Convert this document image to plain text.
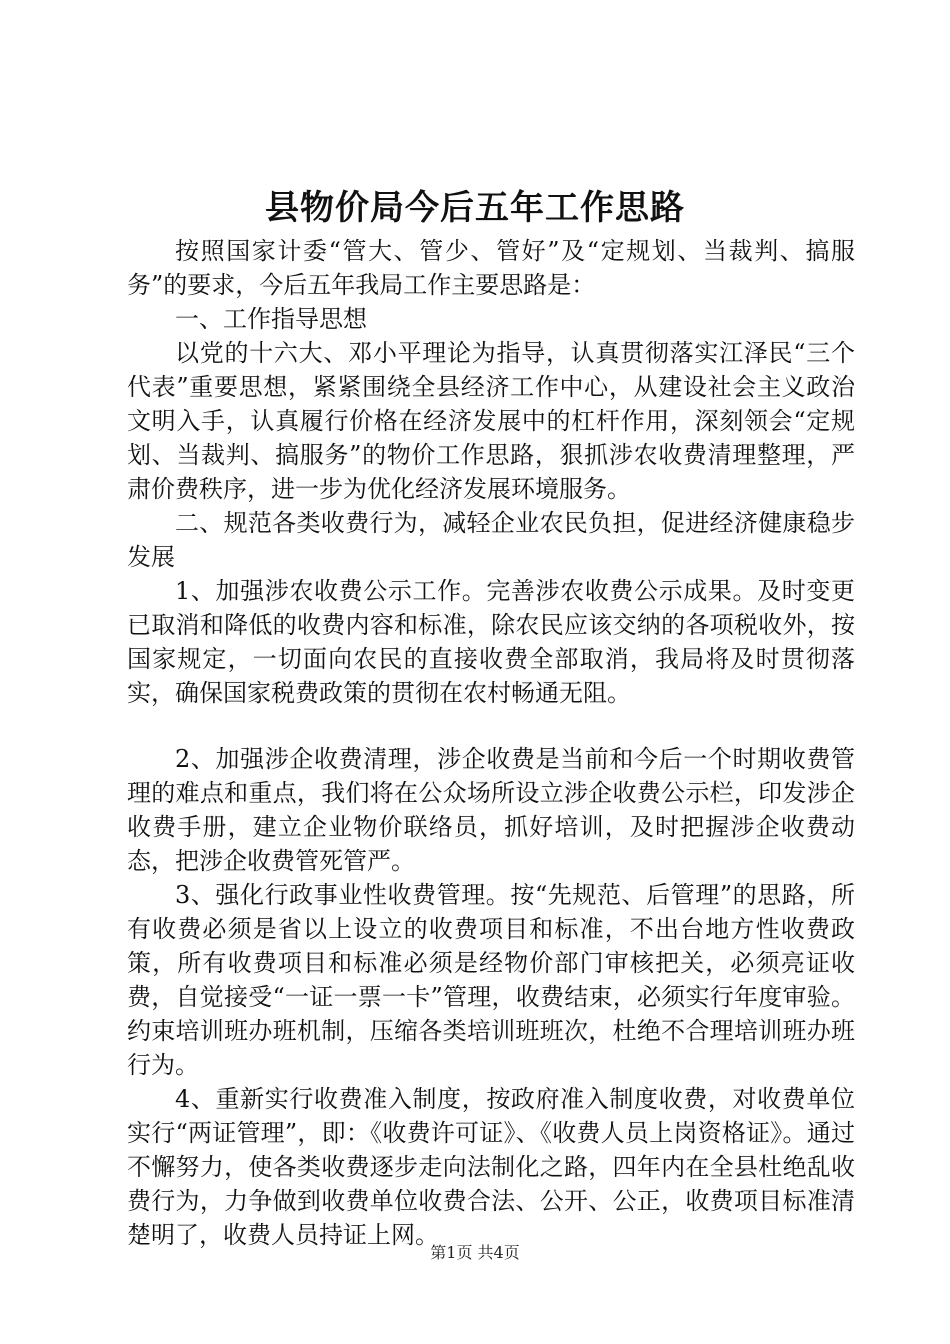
县物价局今后五年工作思路

按照国家计委“管大、管少、管好”及“定规划、当裁判、搞服务”的要求，今后五年我局工作主要思路是：

一、工作指导思想

以党的十六大、邓小平理论为指导，认真贯彻落实江泽民“三个代表”重要思想，紧紧围绕全县经济工作中心，从建设社会主义政治文明入手，认真履行价格在经济发展中的杠杆作用，深刻领会“定规划、当裁判、搞服务”的物价工作思路，狠抓涉农收费清理整理，严肃价费秩序，进一步为优化经济发展环境服务。

二、规范各类收费行为，减轻企业农民负担，促进经济健康稳步发展

1、加强涉农收费公示工作。完善涉农收费公示成果。及时变更已取消和降低的收费内容和标准，除农民应该交纳的各项税收外，按国家规定，一切面向农民的直接收费全部取消，我局将及时贯彻落实，确保国家税费政策的贯彻在农村畅通无阻。

2、加强涉企收费清理，涉企收费是当前和今后一个时期收费管理的难点和重点，我们将在公众场所设立涉企收费公示栏，印发涉企收费手册，建立企业物价联络员，抓好培训，及时把握涉企收费动态，把涉企收费管死管严。

3、强化行政事业性收费管理。按“先规范、后管理”的思路，所有收费必须是省以上设立的收费项目和标准，不出台地方性收费政策，所有收费项目和标准必须是经物价部门审核把关，必须亮证收费，自觉接受“一证一票一卡”管理，收费结束，必须实行年度审验。约束培训班办班机制，压缩各类培训班班次，杜绝不合理培训班办班行为。

4、重新实行收费准入制度，按政府准入制度收费，对收费单位实行“两证管理”，即：《收费许可证》、《收费人员上岗资格证》。通过不懈努力，使各类收费逐步走向法制化之路，四年内在全县杜绝乱收费行为，力争做到收费单位收费合法、公开、公正，收费项目标准清楚明了，收费人员持证上网。

第1页 共4页
